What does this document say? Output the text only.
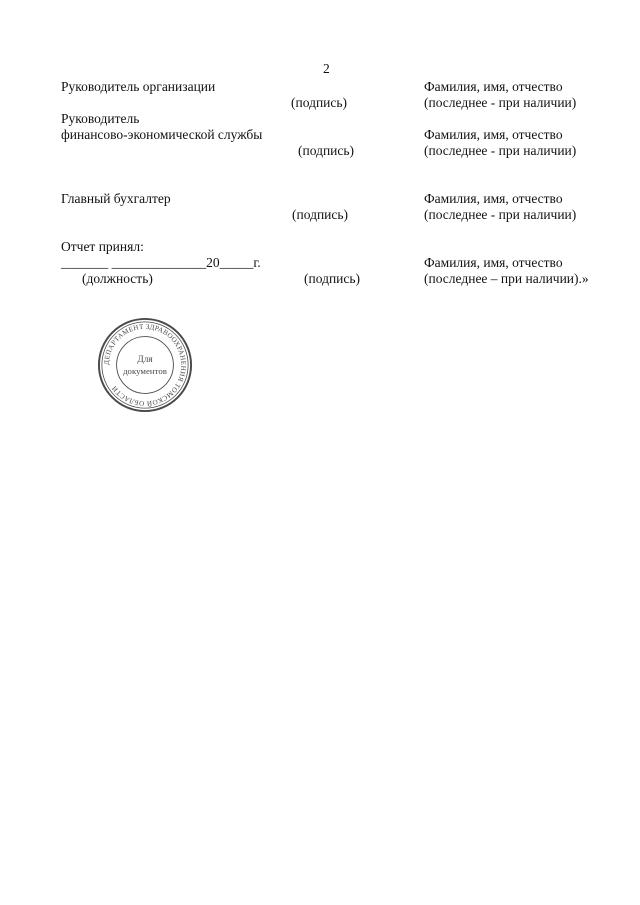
2
Руководитель организации
(подпись)
Фамилия, имя, отчество
(последнее - при наличии)
Руководитель
финансово-экономической службы
(подпись)
Фамилия, имя, отчество
(последнее - при наличии)
Главный бухгалтер
(подпись)
Фамилия, имя, отчество
(последнее - при наличии)
Отчет принял:
_______ ______________20_____г.
(должность)	(подпись)
Фамилия, имя, отчество
(последнее – при наличии).»
ДЕПАРТАМЕНТ ЗДРАВООХРАНЕНИЯ ТОМСКОЙ ОБЛАСТИ
Для
документов
